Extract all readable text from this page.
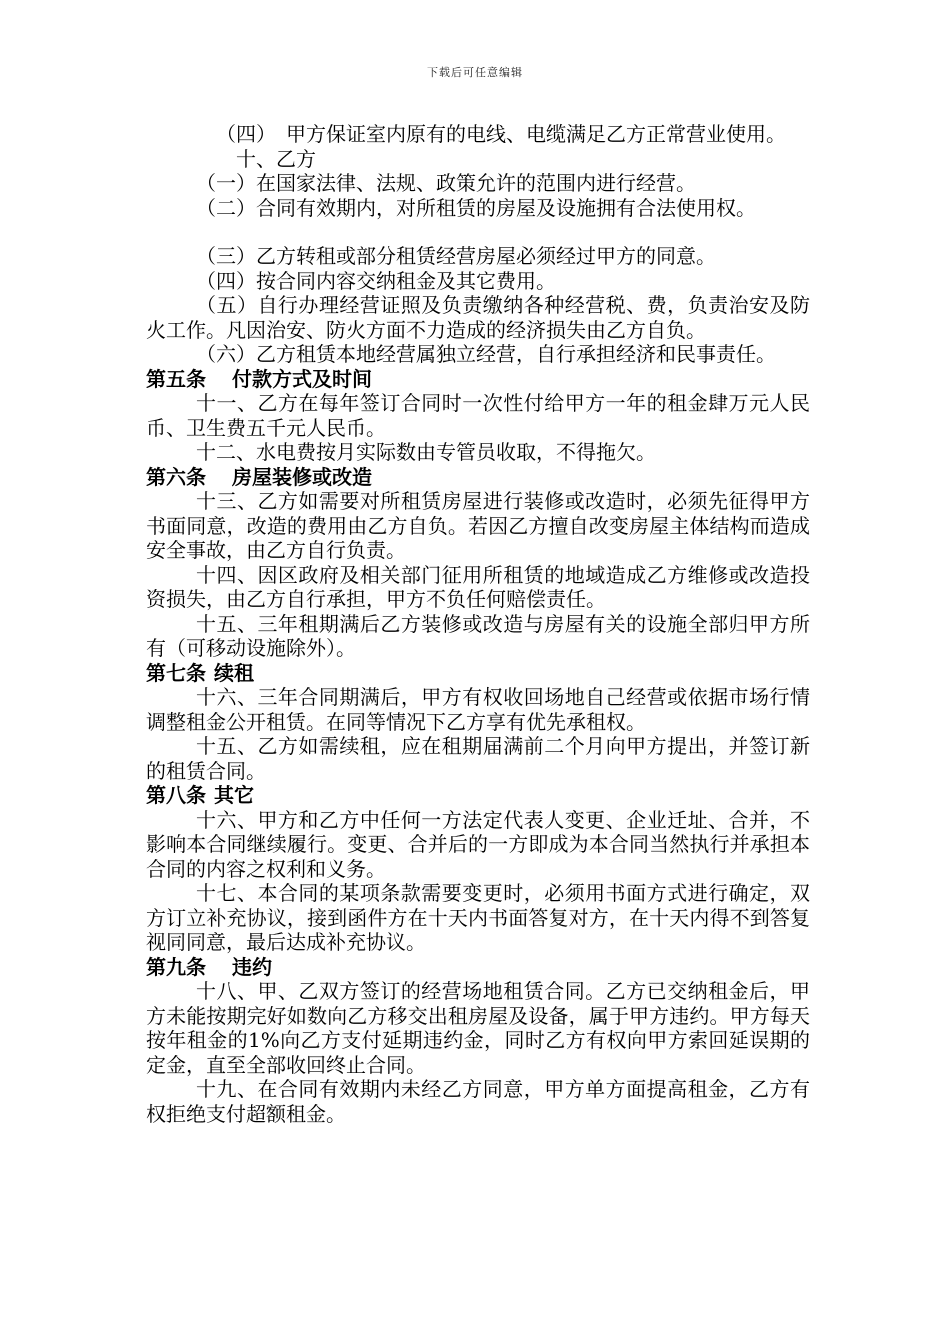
下载后可任意编辑

（四）　甲方保证室内原有的电线、电缆满足乙方正常营业使用。

十、乙方

（一）在国家法律、法规、政策允许的范围内进行经营。

（二）合同有效期内，对所租赁的房屋及设施拥有合法使用权。

（三）乙方转租或部分租赁经营房屋必须经过甲方的同意。

（四）按合同内容交纳租金及其它费用。

（五）自行办理经营证照及负责缴纳各种经营税、费，负责治安及防火工作。凡因治安、防火方面不力造成的经济损失由乙方自负。

（六）乙方租赁本地经营属独立经营，自行承担经济和民事责任。

第五条 付款方式及时间

十一、乙方在每年签订合同时一次性付给甲方一年的租金肆万元人民币、卫生费五千元人民币。

十二、水电费按月实际数由专管员收取，不得拖欠。

第六条 房屋装修或改造

十三、乙方如需要对所租赁房屋进行装修或改造时，必须先征得甲方书面同意，改造的费用由乙方自负。若因乙方擅自改变房屋主体结构而造成安全事故，由乙方自行负责。

十四、因区政府及相关部门征用所租赁的地域造成乙方维修或改造投资损失，由乙方自行承担，甲方不负任何赔偿责任。

十五、三年租期满后乙方装修或改造与房屋有关的设施全部归甲方所有（可移动设施除外）。

第七条 续租

十六、三年合同期满后，甲方有权收回场地自己经营或依据市场行情调整租金公开租赁。在同等情况下乙方享有优先承租权。

十五、乙方如需续租，应在租期届满前二个月向甲方提出，并签订新的租赁合同。

第八条 其它

十六、甲方和乙方中任何一方法定代表人变更、企业迁址、合并，不影响本合同继续履行。变更、合并后的一方即成为本合同当然执行并承担本合同的内容之权利和义务。

十七、本合同的某项条款需要变更时，必须用书面方式进行确定，双方订立补充协议，接到函件方在十天内书面答复对方，在十天内得不到答复视同同意，最后达成补充协议。

第九条 违约

十八、甲、乙双方签订的经营场地租赁合同。乙方已交纳租金后，甲方未能按期完好如数向乙方移交出租房屋及设备，属于甲方违约。甲方每天按年租金的1%向乙方支付延期违约金，同时乙方有权向甲方索回延误期的定金，直至全部收回终止合同。

十九、在合同有效期内未经乙方同意，甲方单方面提高租金，乙方有权拒绝支付超额租金。
